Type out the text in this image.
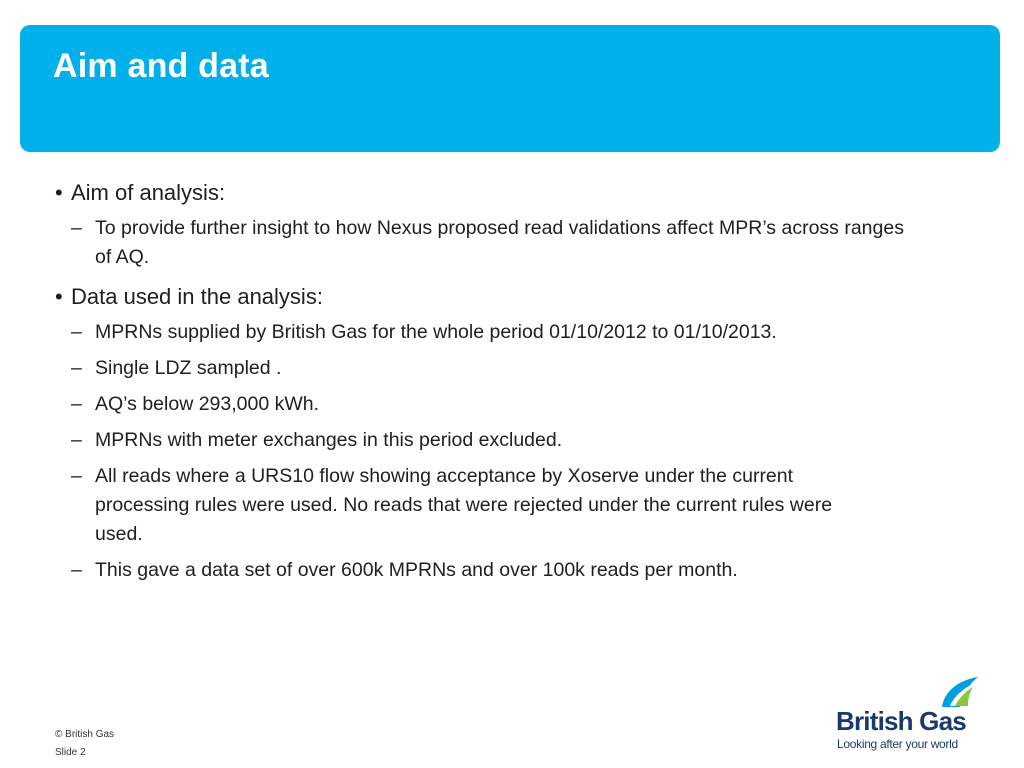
Aim and data
• Aim of analysis:
– To provide further insight to how Nexus proposed read validations affect MPR’s across ranges of AQ.
• Data used in the analysis:
– MPRNs supplied by British Gas for the whole period 01/10/2012 to 01/10/2013.
– Single LDZ sampled .
– AQ’s below 293,000 kWh.
– MPRNs with meter exchanges in this period excluded.
– All reads where a URS10 flow showing acceptance by Xoserve under the current processing rules were used. No reads that were rejected under the current rules were used.
– This gave a data set of over 600k MPRNs and over 100k reads per month.
© British Gas
Slide 2
British Gas
Looking after your world
